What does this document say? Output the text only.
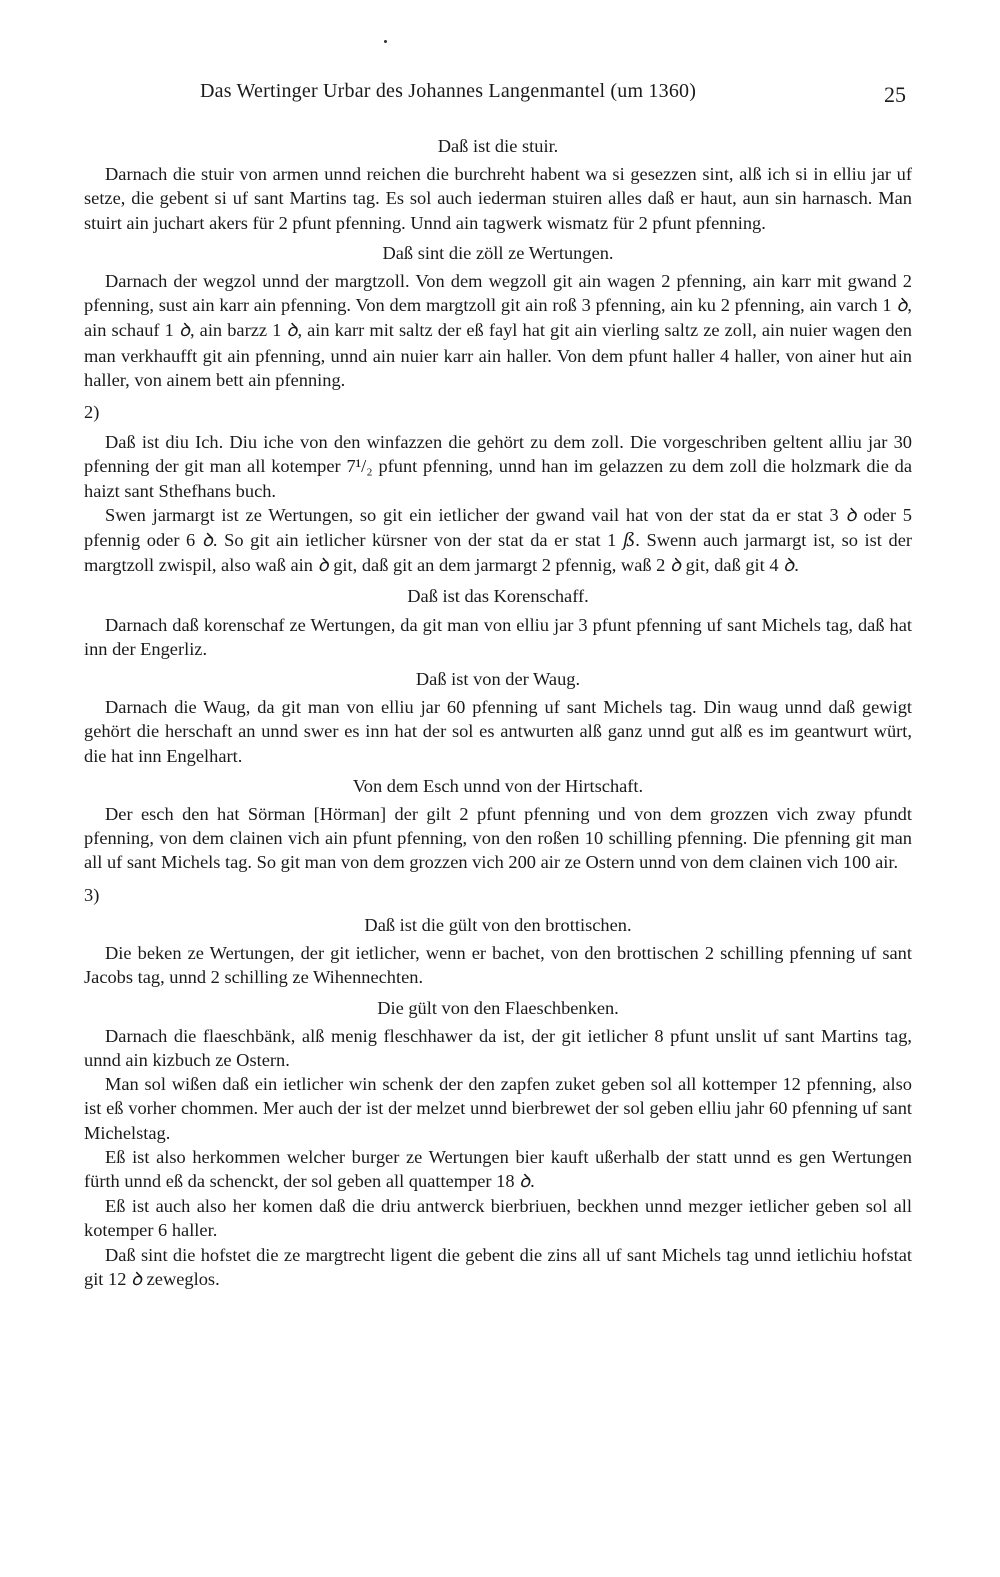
Das Wertinger Urbar des Johannes Langenmantel (um 1360)	25
Daß ist die stuir.

Darnach die stuir von armen unnd reichen die burchreht habent wa si gesezzen sint, alß ich si in elliu jar uf setze, die gebent si uf sant Martins tag. Es sol auch iederman stuiren alles daß er haut, aun sin harnasch. Man stuirt ain juchart akers für 2 pfunt pfenning. Unnd ain tagwerk wismatz für 2 pfunt pfenning.

Daß sint die zöll ze Wertungen.

Darnach der wegzol unnd der margtzoll. Von dem wegzoll git ain wagen 2 pfenning, ain karr mit gwand 2 pfenning, sust ain karr ain pfenning. Von dem margtzoll git ain roß 3 pfenning, ain ku 2 pfenning, ain varch 1 ꝺ, ain schauf 1 ꝺ, ain barzz 1 ꝺ, ain karr mit saltz der eß fayl hat git ain vierling saltz ze zoll, ain nuier wagen den man verkhaufft git ain pfenning, unnd ain nuier karr ain haller. Von dem pfunt haller 4 haller, von ainer hut ain haller, von ainem bett ain pfenning.

2)

Daß ist diu Ich. Diu iche von den winfazzen die gehört zu dem zoll. Die vorgeschriben geltent alliu jar 30 pfenning der git man all kotemper 7¹/₂ pfunt pfenning, unnd han im gelazzen zu dem zoll die holzmark die da haizt sant Sthefhans buch.

Swen jarmargt ist ze Wertungen, so git ein ietlicher der gwand vail hat von der stat da er stat 3 ꝺ oder 5 pfennig oder 6 ꝺ. So git ain ietlicher kürsner von der stat da er stat 1 ß. Swenn auch jarmargt ist, so ist der margtzoll zwispil, also waß ain ꝺ git, daß git an dem jarmargt 2 pfennig, waß 2 ꝺ git, daß git 4 ꝺ.

Daß ist das Korenschaff.

Darnach daß korenschaf ze Wertungen, da git man von elliu jar 3 pfunt pfenning uf sant Michels tag, daß hat inn der Engerliz.

Daß ist von der Waug.

Darnach die Waug, da git man von elliu jar 60 pfenning uf sant Michels tag. Din waug unnd daß gewigt gehört die herschaft an unnd swer es inn hat der sol es antwurten alß ganz unnd gut alß es im geantwurt würt, die hat inn Engelhart.

Von dem Esch unnd von der Hirtschaft.

Der esch den hat Sörman [Hörman] der gilt 2 pfunt pfenning und von dem grozzen vich zway pfundt pfenning, von dem clainen vich ain pfunt pfenning, von den roßen 10 schilling pfenning. Die pfenning git man all uf sant Michels tag. So git man von dem grozzen vich 200 air ze Ostern unnd von dem clainen vich 100 air.

3)
Daß ist die gült von den brottischen.

Die beken ze Wertungen, der git ietlicher, wenn er bachet, von den brottischen 2 schilling pfenning uf sant Jacobs tag, unnd 2 schilling ze Wihennechten.

Die gült von den Flaeschbenken.

Darnach die flaeschbänk, alß menig fleschhawer da ist, der git ietlicher 8 pfunt unslit uf sant Martins tag, unnd ain kizbuch ze Ostern.

Man sol wißen daß ein ietlicher win schenk der den zapfen zuket geben sol all kottemper 12 pfenning, also ist eß vorher chommen. Mer auch der ist der melzet unnd bierbrewet der sol geben elliu jahr 60 pfenning uf sant Michelstag.

Eß ist also herkommen welcher burger ze Wertungen bier kauft ußerhalb der statt unnd es gen Wertungen fürth unnd eß da schenckt, der sol geben all quattemper 18 ꝺ.

Eß ist auch also her komen daß die driu antwerck bierbriuen, beckhen unnd mezger ietlicher geben sol all kotemper 6 haller.

Daß sint die hofstet die ze margtrecht ligent die gebent die zins all uf sant Michels tag unnd ietlichiu hofstat git 12 ꝺ zeweglos.
